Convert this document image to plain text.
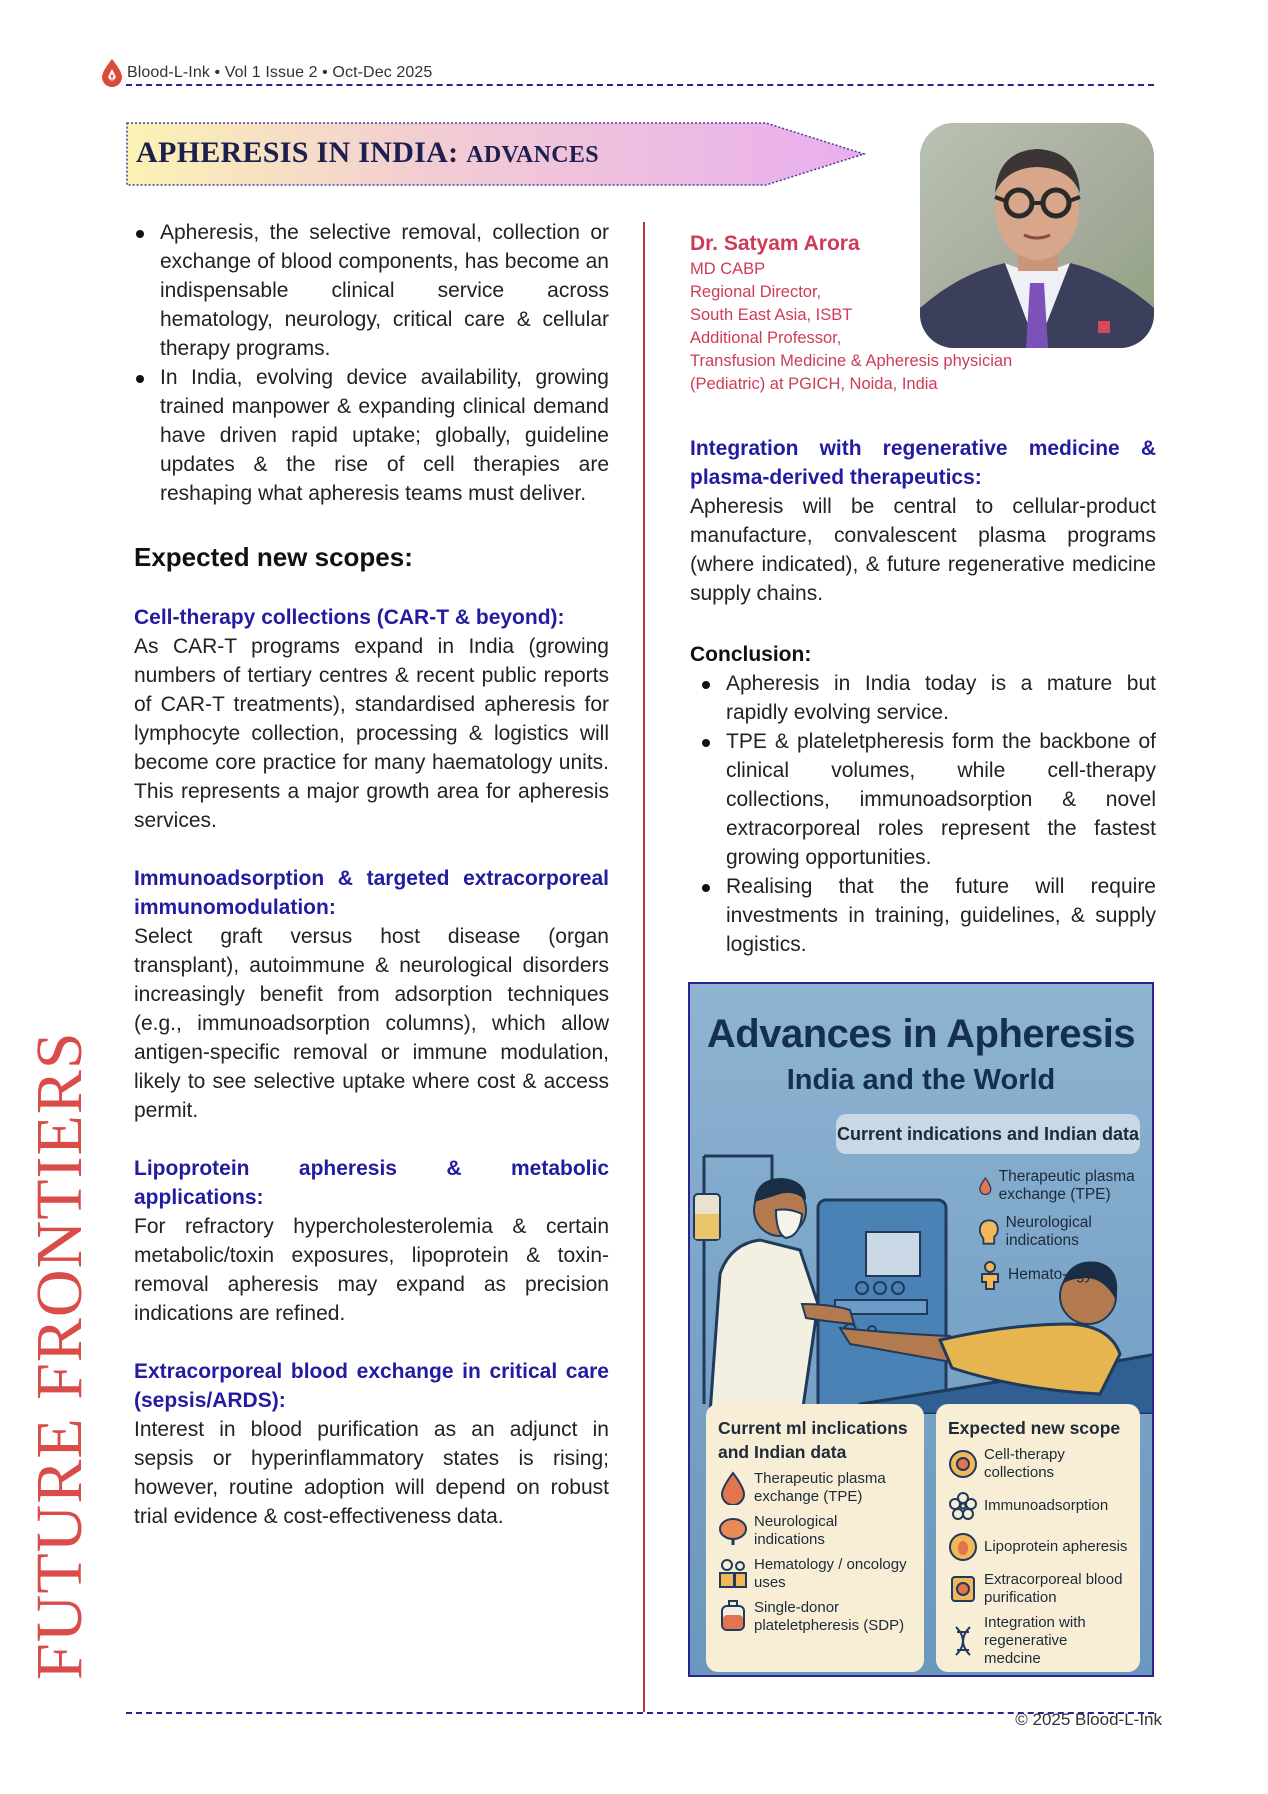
Blood-L-Ink • Vol 1 Issue 2 • Oct-Dec 2025
APHERESIS IN INDIA: ADVANCES
FUTURE FRONTIERS
Apheresis, the selective removal, collection or exchange of blood components, has become an indispensable clinical service across hematology, neurology, critical care & cellular therapy programs.
In India, evolving device availability, growing trained manpower & expanding clinical demand have driven rapid uptake; globally, guideline updates & the rise of cell therapies are reshaping what apheresis teams must deliver.
Expected new scopes:
Cell-therapy collections (CAR-T & beyond):
As CAR-T programs expand in India (growing numbers of tertiary centres & recent public reports of CAR-T treatments), standardised apheresis for lymphocyte collection, processing & logistics will become core practice for many haematology units. This represents a major growth area for apheresis services.
Immunoadsorption & targeted extracorporeal immunomodulation:
Select graft versus host disease (organ transplant), autoimmune & neurological disorders increasingly benefit from adsorption techniques (e.g., immunoadsorption columns), which allow antigen-specific removal or immune modulation, likely to see selective uptake where cost & access permit.
Lipoprotein apheresis & metabolic applications:
For refractory hypercholesterolemia & certain metabolic/toxin exposures, lipoprotein & toxin-removal apheresis may expand as precision indications are refined.
Extracorporeal blood exchange in critical care (sepsis/ARDS):
Interest in blood purification as an adjunct in sepsis or hyperinflammatory states is rising; however, routine adoption will depend on robust trial evidence & cost-effectiveness data.
Dr. Satyam Arora
MD CABP
Regional Director,
South East Asia, ISBT
Additional Professor,
Transfusion Medicine & Apheresis physician
(Pediatric) at PGICH, Noida, India
Integration with regenerative medicine & plasma-derived therapeutics:
Apheresis will be central to cellular-product manufacture, convalescent plasma programs (where indicated), & future regenerative medicine supply chains.
Conclusion:
Apheresis in India today is a mature but rapidly evolving service.
TPE & plateletpheresis form the backbone of clinical volumes, while cell-therapy collections, immunoadsorption & novel extracorporeal roles represent the fastest growing opportunities.
Realising that the future will require investments in training, guidelines, & supply logistics.
Advances in Apheresis
India and the World
Current indications and Indian data
Therapeutic plasma exchange (TPE)
Neurological indications
Hemato-ogy
Current ml inclications and Indian data
Therapeutic plasma exchange (TPE)
Neurological indications
Hematology / oncology uses
Single-donor plateletpheresis (SDP)
Expected new scope
Cell-therapy collections
Immunoadsorption
Lipoprotein apheresis
Extracorporeal blood purification
Integration with regenerative medcine
© 2025 Blood-L-Ink
